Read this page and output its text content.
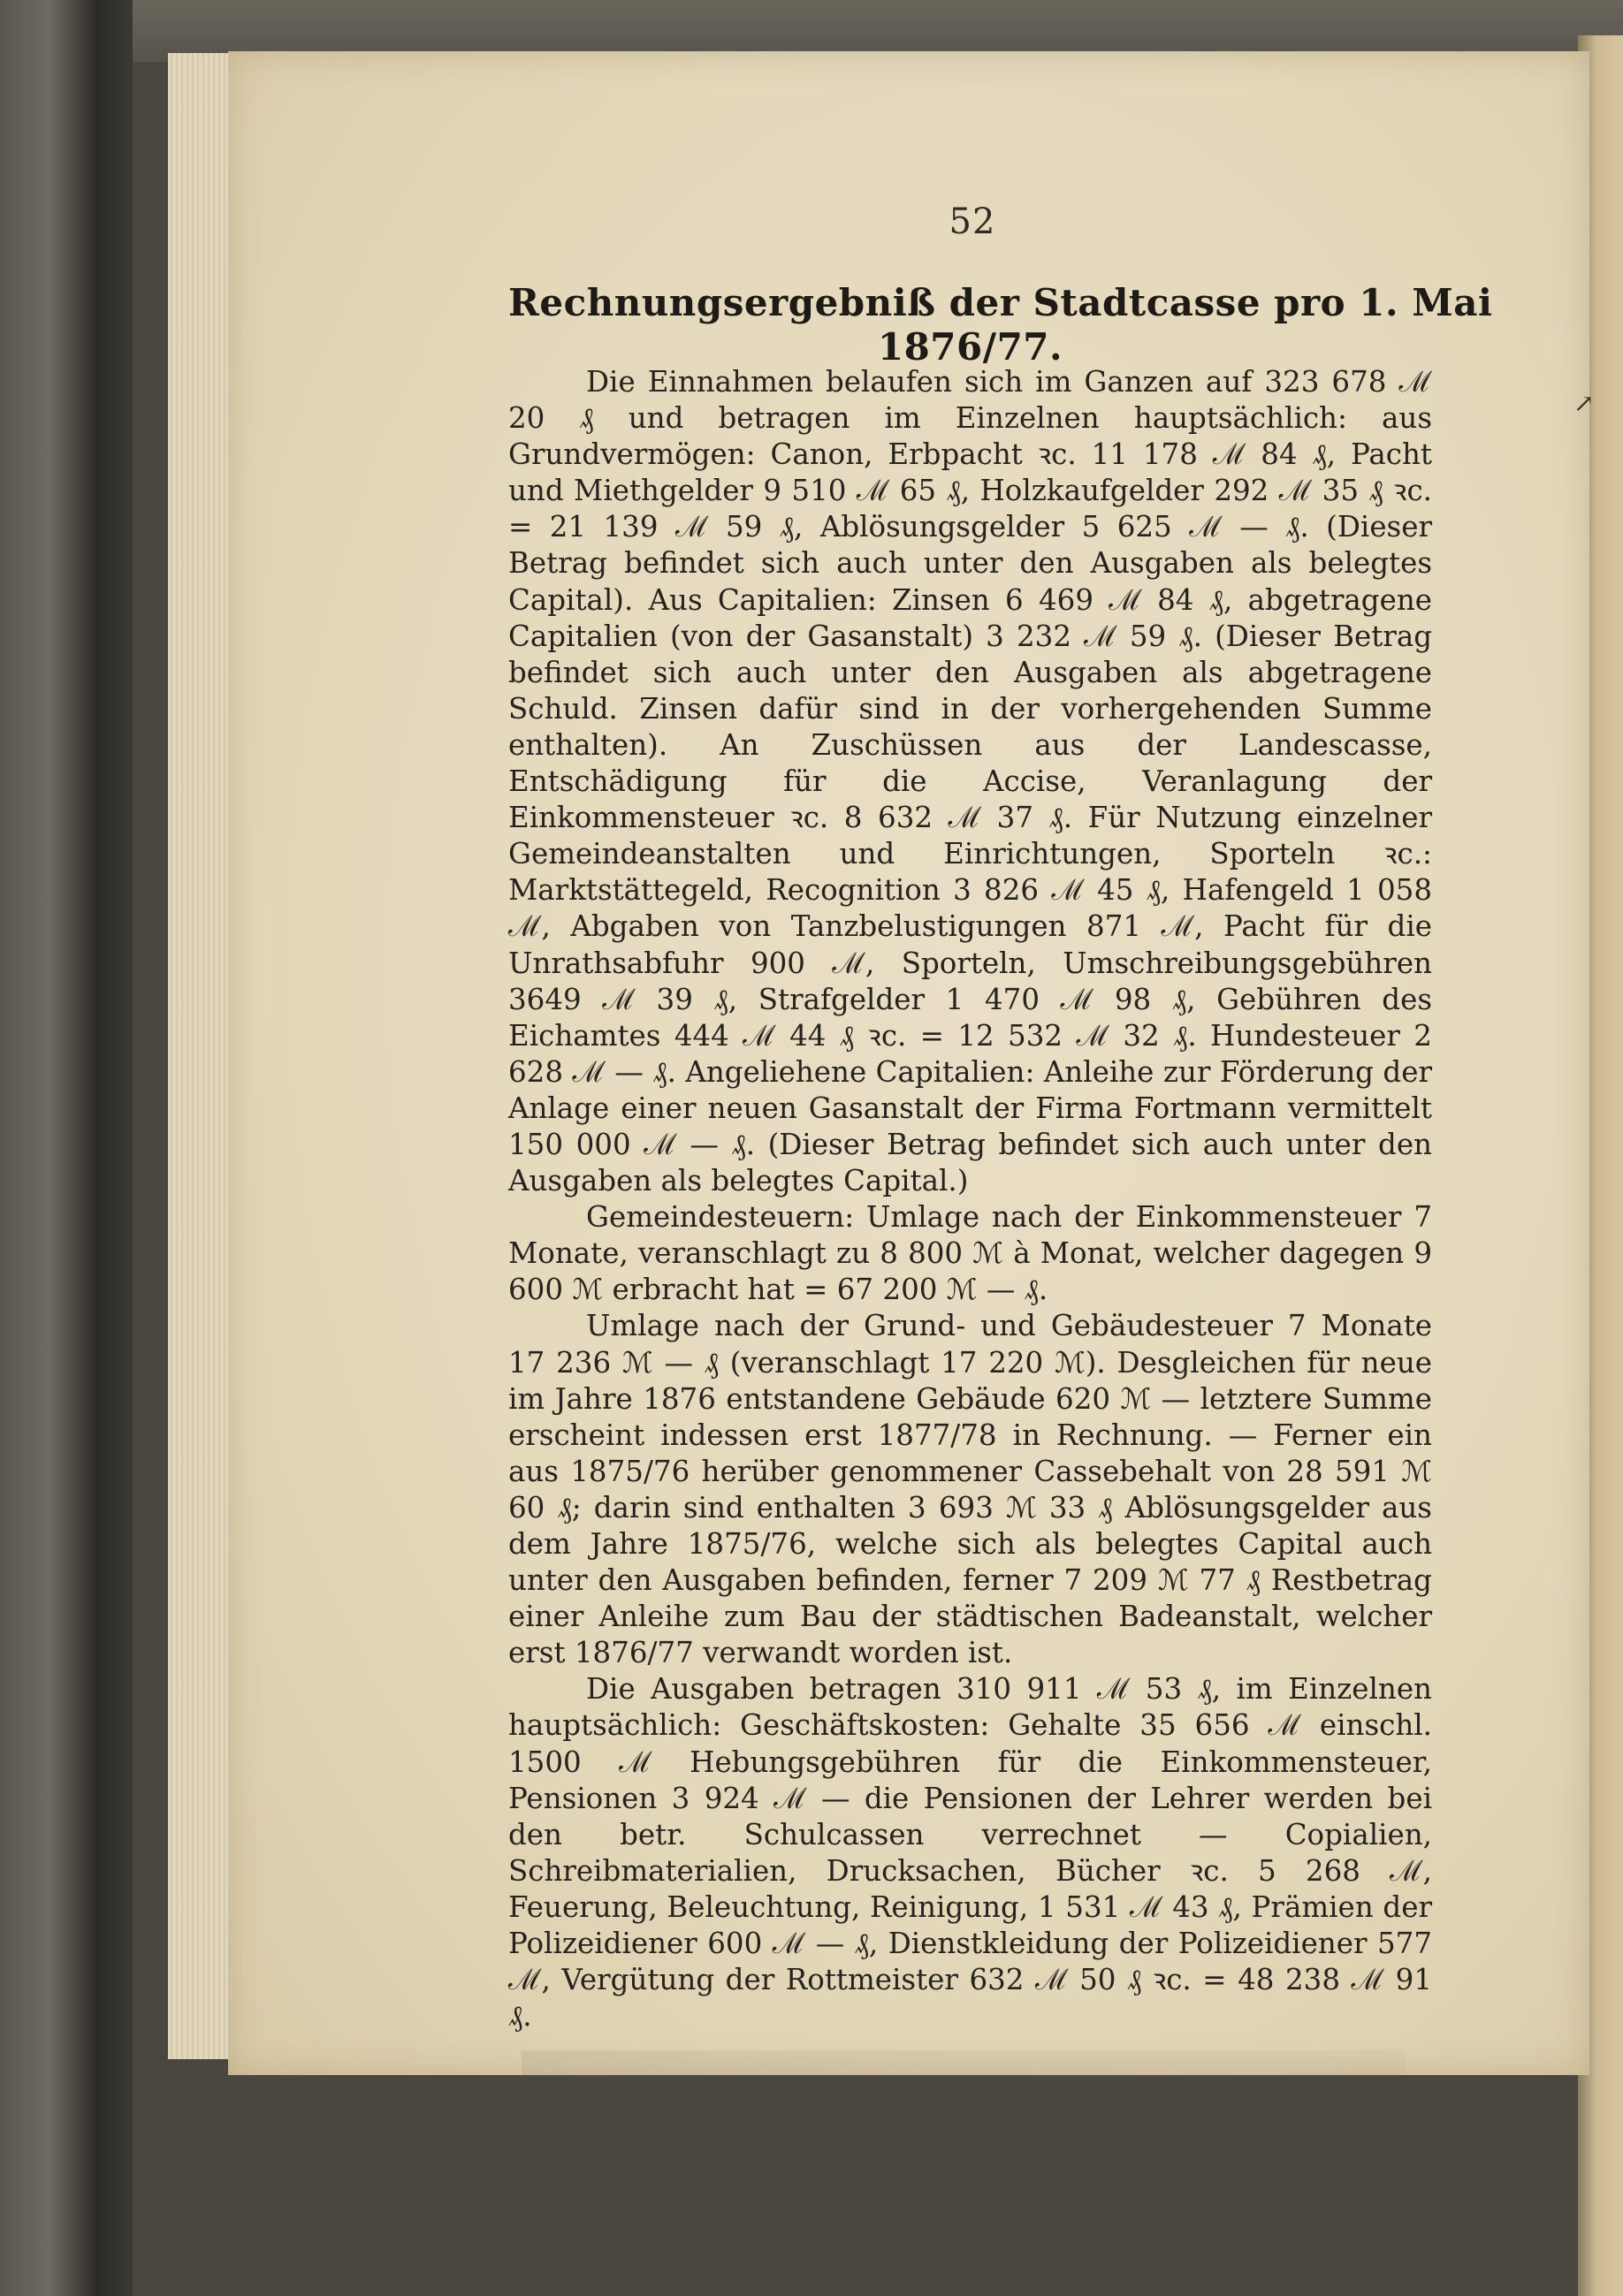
52
Rechnungsergebniß der Stadtcasse pro 1. Mai
1876/77.

Die Einnahmen belaufen sich im Ganzen auf 323 678 ℳ 20 ₰ und betragen im Einzelnen hauptsächlich: aus Grundvermögen: Canon, Erbpacht ꝛc. 11 178 ℳ 84 ₰, Pacht und Miethgelder 9 510 ℳ 65 ₰, Holzkaufgelder 292 ℳ 35 ₰ ꝛc. = 21 139 ℳ 59 ₰, Ablösungsgelder 5 625 ℳ — ₰. (Dieser Betrag befindet sich auch unter den Ausgaben als belegtes Capital). Aus Capitalien: Zinsen 6 469 ℳ 84 ₰, abgetragene Capitalien (von der Gasanstalt) 3 232 ℳ 59 ₰. (Dieser Betrag befindet sich auch unter den Ausgaben als abgetragene Schuld. Zinsen dafür sind in der vorhergehenden Summe enthalten). An Zuschüssen aus der Landescasse, Entschädigung für die Accise, Veranlagung der Einkommensteuer ꝛc. 8 632 ℳ 37 ₰. Für Nutzung einzelner Gemeindeanstalten und Einrichtungen, Sporteln ꝛc.: Marktstättegeld, Recognition 3 826 ℳ 45 ₰, Hafengeld 1 058 ℳ, Abgaben von Tanzbelustigungen 871 ℳ, Pacht für die Unrathsabfuhr 900 ℳ, Sporteln, Umschreibungsgebühren 3649 ℳ 39 ₰, Strafgelder 1 470 ℳ 98 ₰, Gebühren des Eichamtes 444 ℳ 44 ₰ ꝛc. = 12 532 ℳ 32 ₰. Hundesteuer 2 628 ℳ — ₰. Angeliehene Capitalien: Anleihe zur Förderung der Anlage einer neuen Gasanstalt der Firma Fortmann vermittelt 150 000 ℳ — ₰. (Dieser Betrag befindet sich auch unter den Ausgaben als belegtes Capital.)

Gemeindesteuern: Umlage nach der Einkommensteuer 7 Monate, veranschlagt zu 8 800 ℳ à Monat, welcher dagegen 9 600 ℳ erbracht hat = 67 200 ℳ — ₰.

Umlage nach der Grund- und Gebäudesteuer 7 Monate 17 236 ℳ — ₰ (veranschlagt 17 220 ℳ). Desgleichen für neue im Jahre 1876 entstandene Gebäude 620 ℳ — letztere Summe erscheint indessen erst 1877/78 in Rechnung. — Ferner ein aus 1875/76 herüber genommener Cassebehalt von 28 591 ℳ 60 ₰; darin sind enthalten 3 693 ℳ 33 ₰ Ablösungsgelder aus dem Jahre 1875/76, welche sich als belegtes Capital auch unter den Ausgaben befinden, ferner 7 209 ℳ 77 ₰ Restbetrag einer Anleihe zum Bau der städtischen Badeanstalt, welcher erst 1876/77 verwandt worden ist.

Die Ausgaben betragen 310 911 ℳ 53 ₰, im Einzelnen hauptsächlich: Geschäftskosten: Gehalte 35 656 ℳ einschl. 1500 ℳ Hebungsgebühren für die Einkommensteuer, Pensionen 3 924 ℳ — die Pensionen der Lehrer werden bei den betr. Schulcassen verrechnet — Copialien, Schreibmaterialien, Drucksachen, Bücher ꝛc. 5 268 ℳ, Feuerung, Beleuchtung, Reinigung, 1 531 ℳ 43 ₰, Prämien der Polizeidiener 600 ℳ — ₰, Dienstkleidung der Polizeidiener 577 ℳ, Vergütung der Rottmeister 632 ℳ 50 ₰ ꝛc. = 48 238 ℳ 91 ₰.

↗
